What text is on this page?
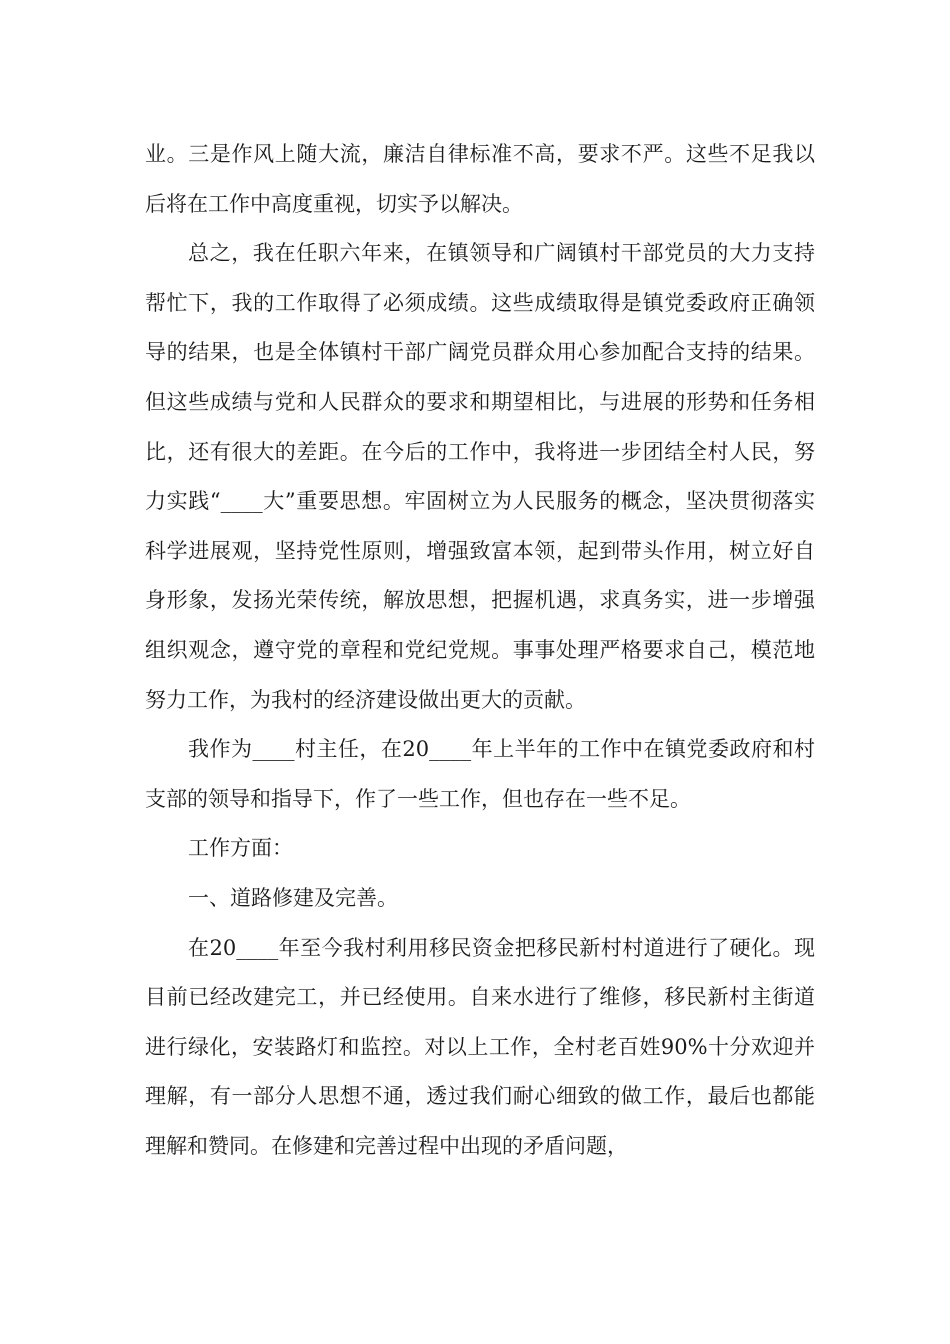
业。三是作风上随大流，廉洁自律标准不高，要求不严。这些不足我以后将在工作中高度重视，切实予以解决。

总之，我在任职六年来，在镇领导和广阔镇村干部党员的大力支持帮忙下，我的工作取得了必须成绩。这些成绩取得是镇党委政府正确领导的结果，也是全体镇村干部广阔党员群众用心参加配合支持的结果。但这些成绩与党和人民群众的要求和期望相比，与进展的形势和任务相比，还有很大的差距。在今后的工作中，我将进一步团结全村人民，努力实践“____大”重要思想。牢固树立为人民服务的概念，坚决贯彻落实科学进展观，坚持党性原则，增强致富本领，起到带头作用，树立好自身形象，发扬光荣传统，解放思想，把握机遇，求真务实，进一步增强组织观念，遵守党的章程和党纪党规。事事处理严格要求自己，模范地努力工作，为我村的经济建设做出更大的贡献。

我作为____村主任，在20____年上半年的工作中在镇党委政府和村支部的领导和指导下，作了一些工作，但也存在一些不足。

工作方面：

一、道路修建及完善。

在20____年至今我村利用移民资金把移民新村村道进行了硬化。现目前已经改建完工，并已经使用。自来水进行了维修，移民新村主街道进行绿化，安装路灯和监控。对以上工作，全村老百姓90%十分欢迎并理解，有一部分人思想不通，透过我们耐心细致的做工作，最后也都能理解和赞同。在修建和完善过程中出现的矛盾问题，
